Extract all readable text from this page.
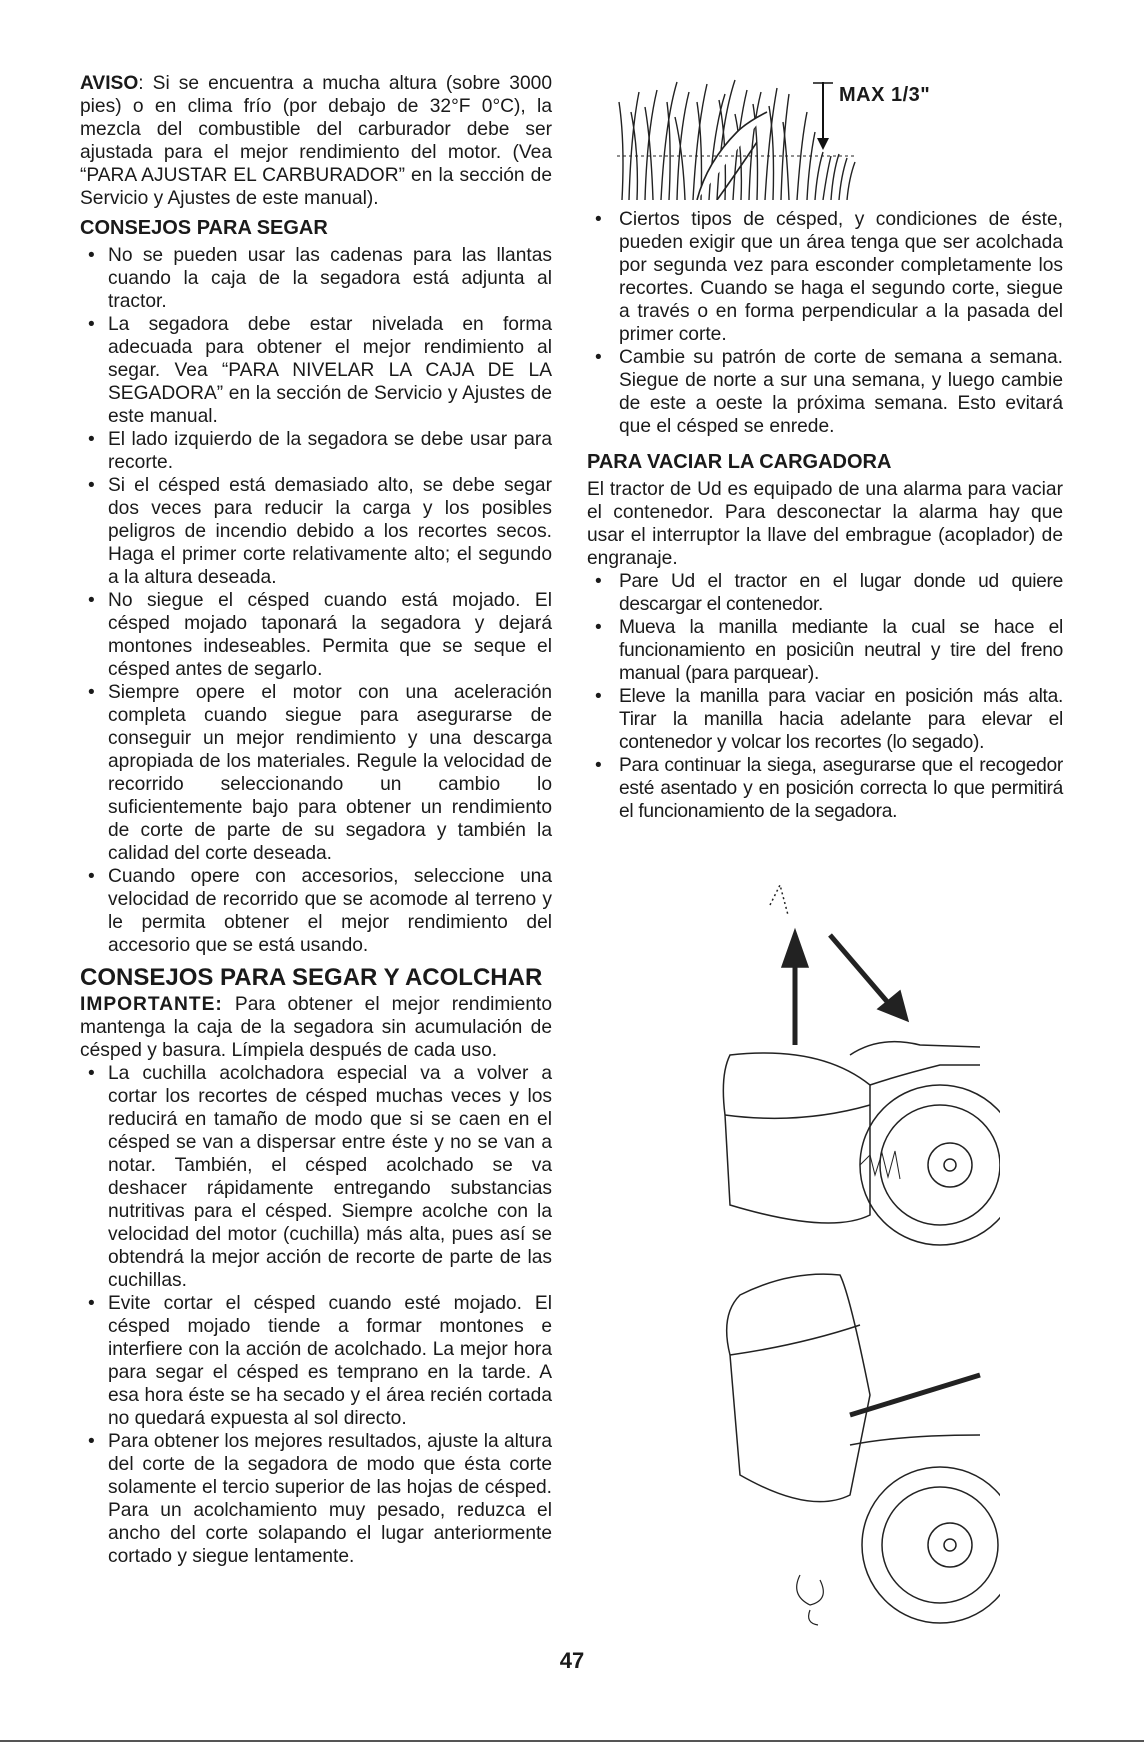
AVISO: Si se encuentra a mucha altura (sobre 3000 pies) o en clima frío (por debajo de 32°F 0°C), la mezcla del combustible del carburador debe ser ajustada para el mejor rendimiento del motor. (Vea “PARA AJUSTAR EL CARBURADOR” en la sección de Servicio y Ajustes de este manual).

CONSEJOS PARA SEGAR
• No se pueden usar las cadenas para las llantas cuando la caja de la segadora está adjunta al tractor.
• La segadora debe estar nivelada en forma adecuada para obtener el mejor rendimiento al segar. Vea “PARA NIVELAR LA CAJA DE LA SEGADORA” en la sección de Servicio y Ajustes de este manual.
• El lado izquierdo de la segadora se debe usar para recorte.
• Si el césped está demasiado alto, se debe segar dos veces para reducir la carga y los posibles peligros de incendio debido a los recortes secos. Haga el primer corte relativamente alto; el segundo a la altura deseada.
• No siegue el césped cuando está mojado. El césped mojado taponará la segadora y dejará montones indeseables. Permita que se seque el césped antes de segarlo.
• Siempre opere el motor con una aceleración completa cuando siegue para asegurarse de conseguir un mejor rendimiento y una descarga apropiada de los materiales. Regule la velocidad de recorrido seleccionando un cambio lo suficientemente bajo para obtener un rendimiento de corte de parte de su segadora y también la calidad del corte deseada.
• Cuando opere con accesorios, seleccione una velocidad de recorrido que se acomode al terreno y le permita obtener el mejor rendimiento del accesorio que se está usando.
CONSEJOS PARA SEGAR Y ACOLCHAR

IMPORTANTE: Para obtener el mejor rendimiento mantenga la caja de la segadora sin acumulación de césped y basura. Límpiela después de cada uso.

• La cuchilla acolchadora especial va a volver a cortar los recortes de césped muchas veces y los reducirá en tamaño de modo que si se caen en el césped se van a dispersar entre éste y no se van a notar. También, el césped acolchado se va deshacer rápidamente entregando substancias nutritivas para el césped. Siempre acolche con la velocidad del motor (cuchilla) más alta, pues así se obtendrá la mejor acción de recorte de parte de las cuchillas.
• Evite cortar el césped cuando esté mojado. El césped mojado tiende a formar montones e interfiere con la acción de acolchado. La mejor hora para segar el césped es temprano en la tarde. A esa hora éste se ha secado y el área recién cortada no quedará expuesta al sol directo.
• Para obtener los mejores resultados, ajuste la altura del corte de la segadora de modo que ésta corte solamente el tercio superior de las hojas de césped. Para un acolchamiento muy pesado, reduzca el ancho del corte solapando el lugar anteriormente cortado y siegue lentamente.
MAX 1/3"
• Ciertos tipos de césped, y condiciones de éste, pueden exigir que un área tenga que ser acolchada por segunda vez para esconder completamente los recortes. Cuando se haga el segundo corte, siegue a través o en forma perpendicular a la pasada del primer corte.
• Cambie su patrón de corte de semana a semana. Siegue de norte a sur una semana, y luego cambie de este a oeste la próxima semana. Esto evitará que el césped se enrede.
PARA VACIAR LA CARGADORA

El tractor de Ud es equipado de una alarma para vaciar el contenedor. Para desconectar la alarma hay que usar el interruptor la llave del embrague (acoplador) de engranaje.

• Pare Ud el tractor en el lugar donde ud quiere descargar el contenedor.
• Mueva la manilla mediante la cual se hace el funcionamiento en posiciûn neutral y tire del freno manual (para parquear).
• Eleve la manilla para vaciar en posición más alta. Tirar la manilla hacia adelante para elevar el contenedor y volcar los recortes (lo segado).
• Para continuar la siega, asegurarse que el recogedor esté asentado y en posición correcta lo que permitirá el funcionamiento de la segadora.
47
